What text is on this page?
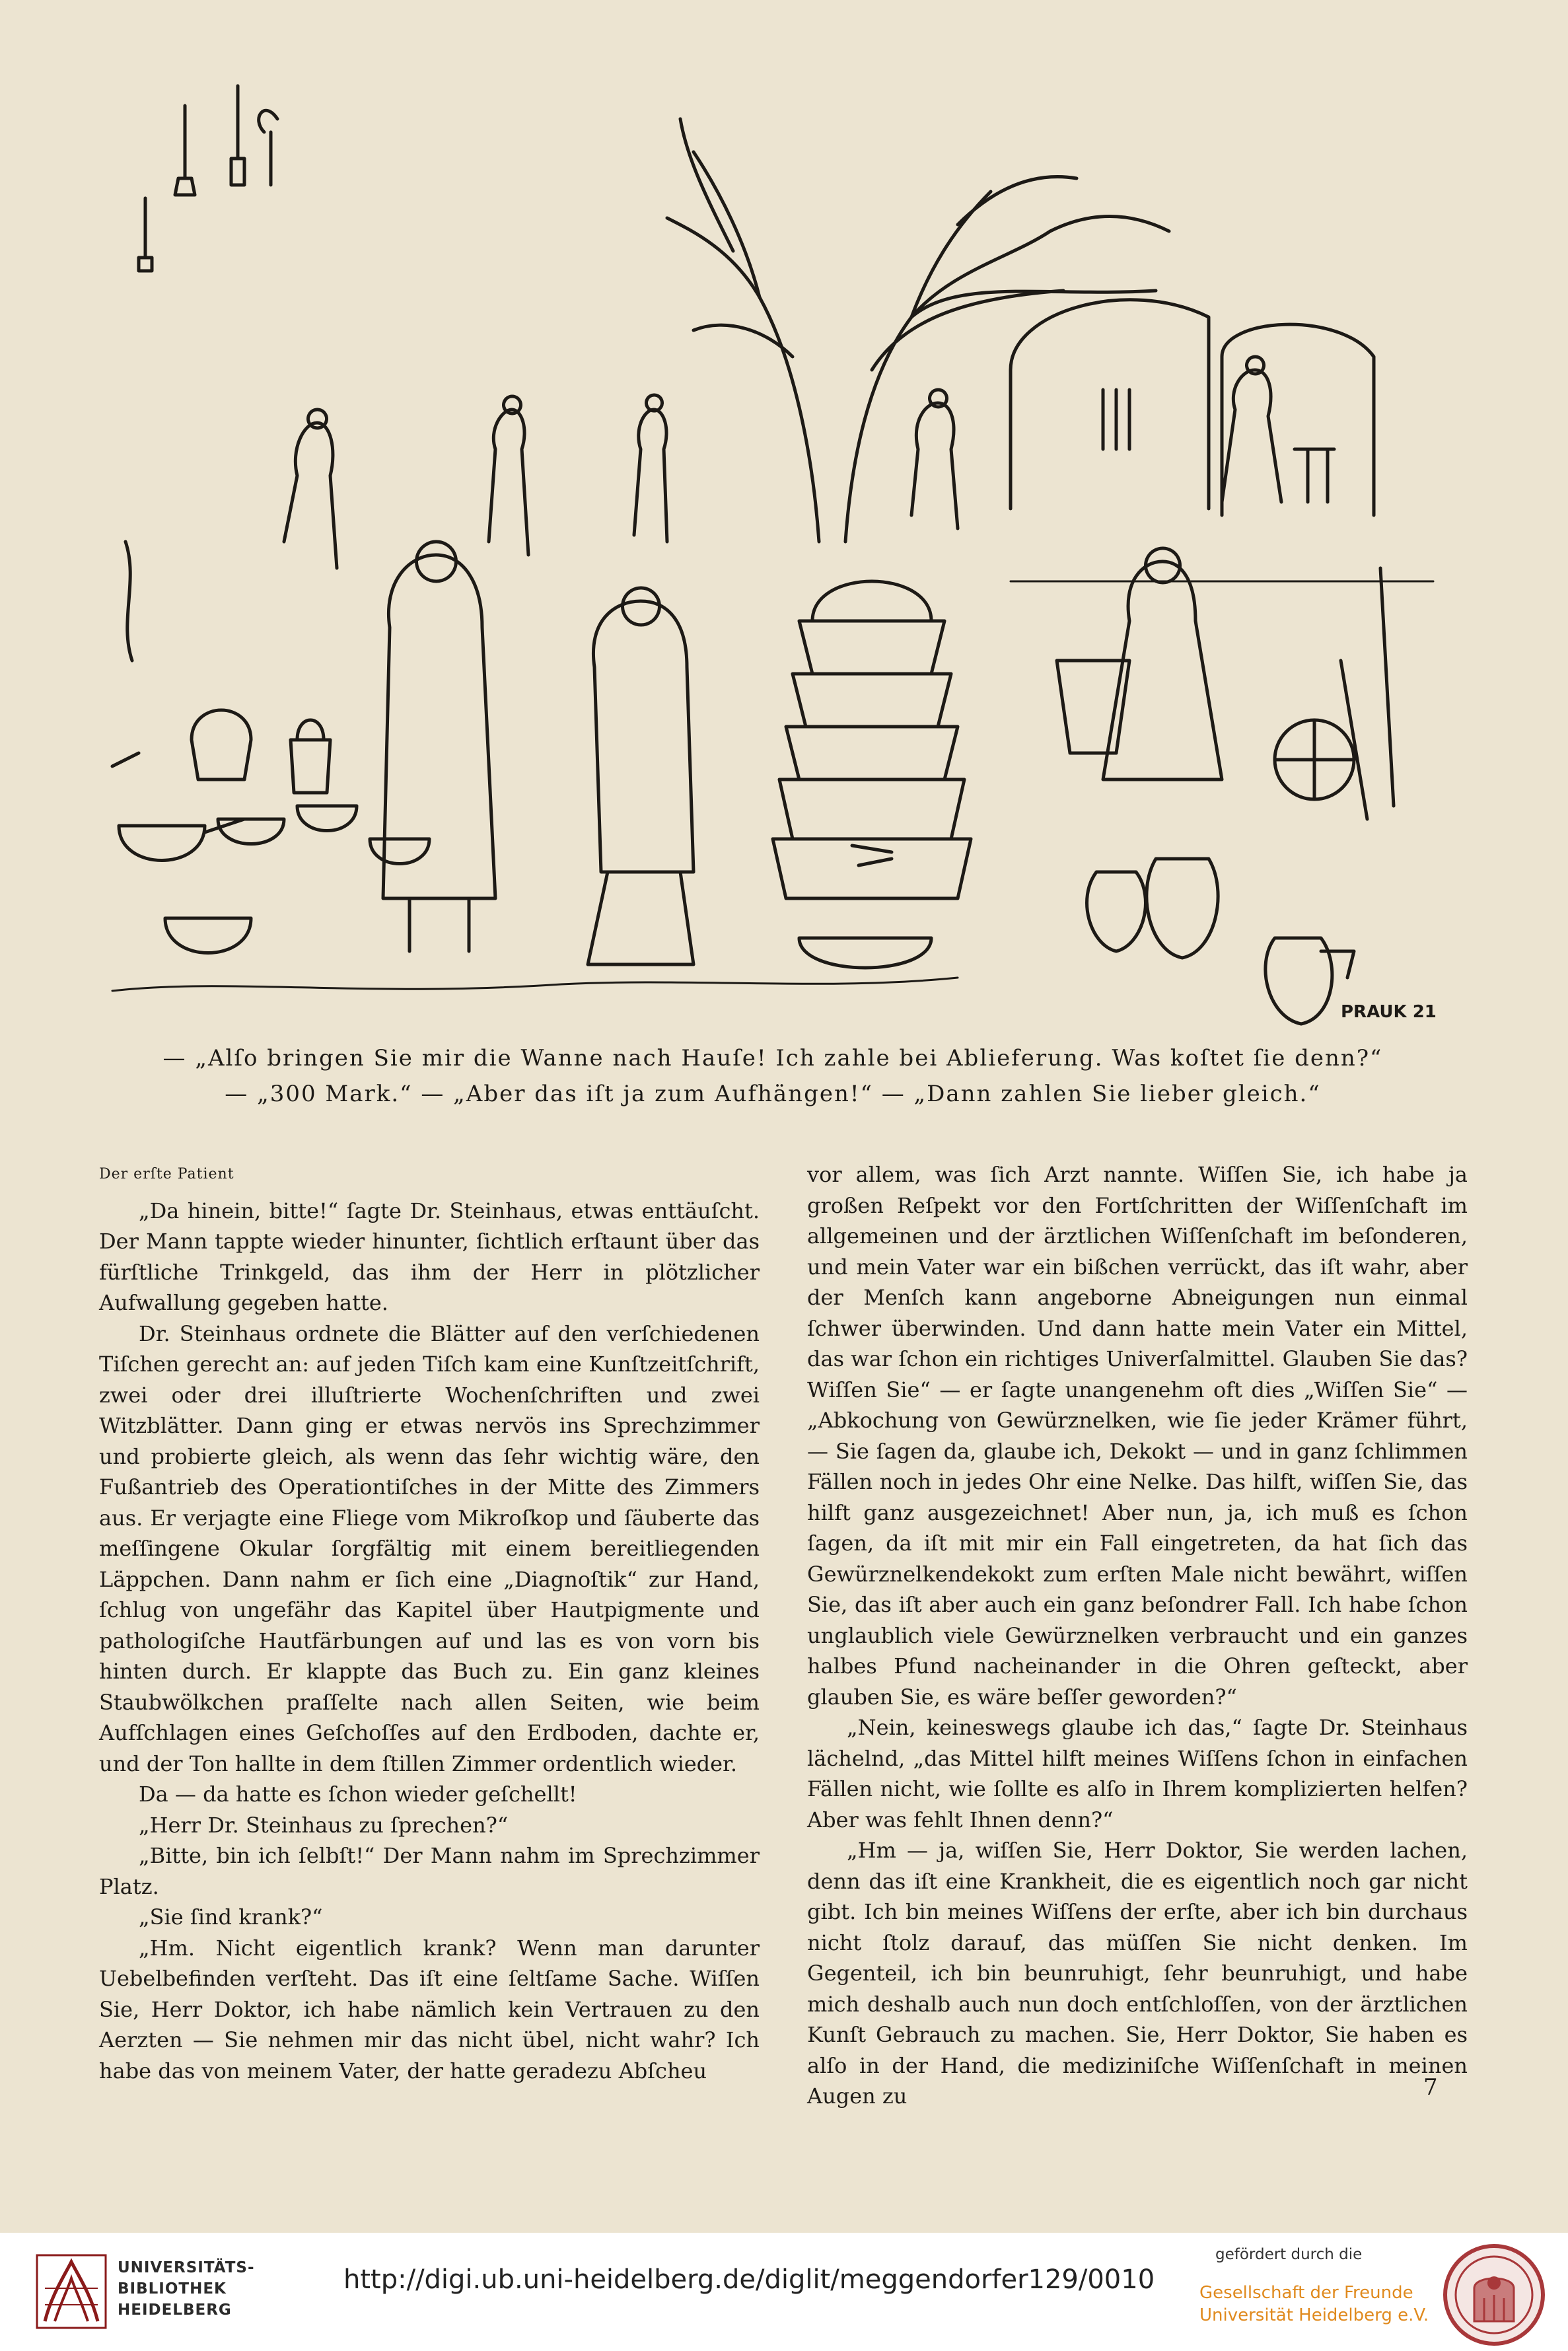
PRAUK 21
— „Alſo bringen Sie mir die Wanne nach Hauſe! Ich zahle bei Ablieferung. Was koſtet ſie denn?“
— „300 Mark.“ — „Aber das iſt ja zum Aufhängen!“ — „Dann zahlen Sie lieber gleich.“
Der erſte Patient

„Da hinein, bitte!“ ſagte Dr. Steinhaus, etwas enttäuſcht. Der Mann tappte wieder hinunter, ſichtlich erſtaunt über das fürſtliche Trinkgeld, das ihm der Herr in plötzlicher Aufwallung gegeben hatte.

Dr. Steinhaus ordnete die Blätter auf den verſchiedenen Tiſchen gerecht an: auf jeden Tiſch kam eine Kunſtzeitſchrift, zwei oder drei illuſtrierte Wochenſchriften und zwei Witzblätter. Dann ging er etwas nervös ins Sprechzimmer und probierte gleich, als wenn das ſehr wichtig wäre, den Fußantrieb des Operationtiſches in der Mitte des Zimmers aus. Er verjagte eine Fliege vom Mikroſkop und ſäuberte das meſſingene Okular ſorgfältig mit einem bereitliegenden Läppchen. Dann nahm er ſich eine „Diagnoſtik“ zur Hand, ſchlug von ungefähr das Kapitel über Hautpigmente und pathologiſche Hautfärbungen auf und las es von vorn bis hinten durch. Er klappte das Buch zu. Ein ganz kleines Staubwölkchen praſſelte nach allen Seiten, wie beim Aufſchlagen eines Geſchoſſes auf den Erdboden, dachte er, und der Ton hallte in dem ſtillen Zimmer ordentlich wieder.

Da — da hatte es ſchon wieder geſchellt!

„Herr Dr. Steinhaus zu ſprechen?“

„Bitte, bin ich ſelbſt!“ Der Mann nahm im Sprechzimmer Platz.

„Sie ſind krank?“

„Hm. Nicht eigentlich krank? Wenn man darunter Uebelbefinden verſteht. Das iſt eine ſeltſame Sache. Wiſſen Sie, Herr Doktor, ich habe nämlich kein Vertrauen zu den Aerzten — Sie nehmen mir das nicht übel, nicht wahr? Ich habe das von meinem Vater, der hatte geradezu Abſcheu

vor allem, was ſich Arzt nannte. Wiſſen Sie, ich habe ja großen Reſpekt vor den Fortſchritten der Wiſſenſchaft im allgemeinen und der ärztlichen Wiſſenſchaft im beſonderen, und mein Vater war ein bißchen verrückt, das iſt wahr, aber der Menſch kann angeborne Abneigungen nun einmal ſchwer überwinden. Und dann hatte mein Vater ein Mittel, das war ſchon ein richtiges Univerſalmittel. Glauben Sie das? Wiſſen Sie“ — er ſagte unangenehm oft dies „Wiſſen Sie“ — „Abkochung von Gewürznelken, wie ſie jeder Krämer führt, — Sie ſagen da, glaube ich, Dekokt — und in ganz ſchlimmen Fällen noch in jedes Ohr eine Nelke. Das hilft, wiſſen Sie, das hilft ganz ausgezeichnet! Aber nun, ja, ich muß es ſchon ſagen, da iſt mit mir ein Fall eingetreten, da hat ſich das Gewürznelkendekokt zum erſten Male nicht bewährt, wiſſen Sie, das iſt aber auch ein ganz beſondrer Fall. Ich habe ſchon unglaublich viele Gewürznelken verbraucht und ein ganzes halbes Pfund nacheinander in die Ohren geſteckt, aber glauben Sie, es wäre beſſer geworden?“

„Nein, keineswegs glaube ich das,“ ſagte Dr. Steinhaus lächelnd, „das Mittel hilft meines Wiſſens ſchon in einfachen Fällen nicht, wie ſollte es alſo in Ihrem komplizierten helfen? Aber was fehlt Ihnen denn?“

„Hm — ja, wiſſen Sie, Herr Doktor, Sie werden lachen, denn das iſt eine Krankheit, die es eigentlich noch gar nicht gibt. Ich bin meines Wiſſens der erſte, aber ich bin durchaus nicht ſtolz darauf, das müſſen Sie nicht denken. Im Gegenteil, ich bin beunruhigt, ſehr beunruhigt, und habe mich deshalb auch nun doch entſchloſſen, von der ärztlichen Kunſt Gebrauch zu machen. Sie, Herr Doktor, Sie haben es alſo in der Hand, die mediziniſche Wiſſenſchaft in meinen Augen zu	7
UNIVERSITÄTS-
BIBLIOTHEK
HEIDELBERG
http://digi.ub.uni-heidelberg.de/diglit/meggendorfer129/0010
gefördert durch die
Gesellschaft der Freunde
Universität Heidelberg e.V.
